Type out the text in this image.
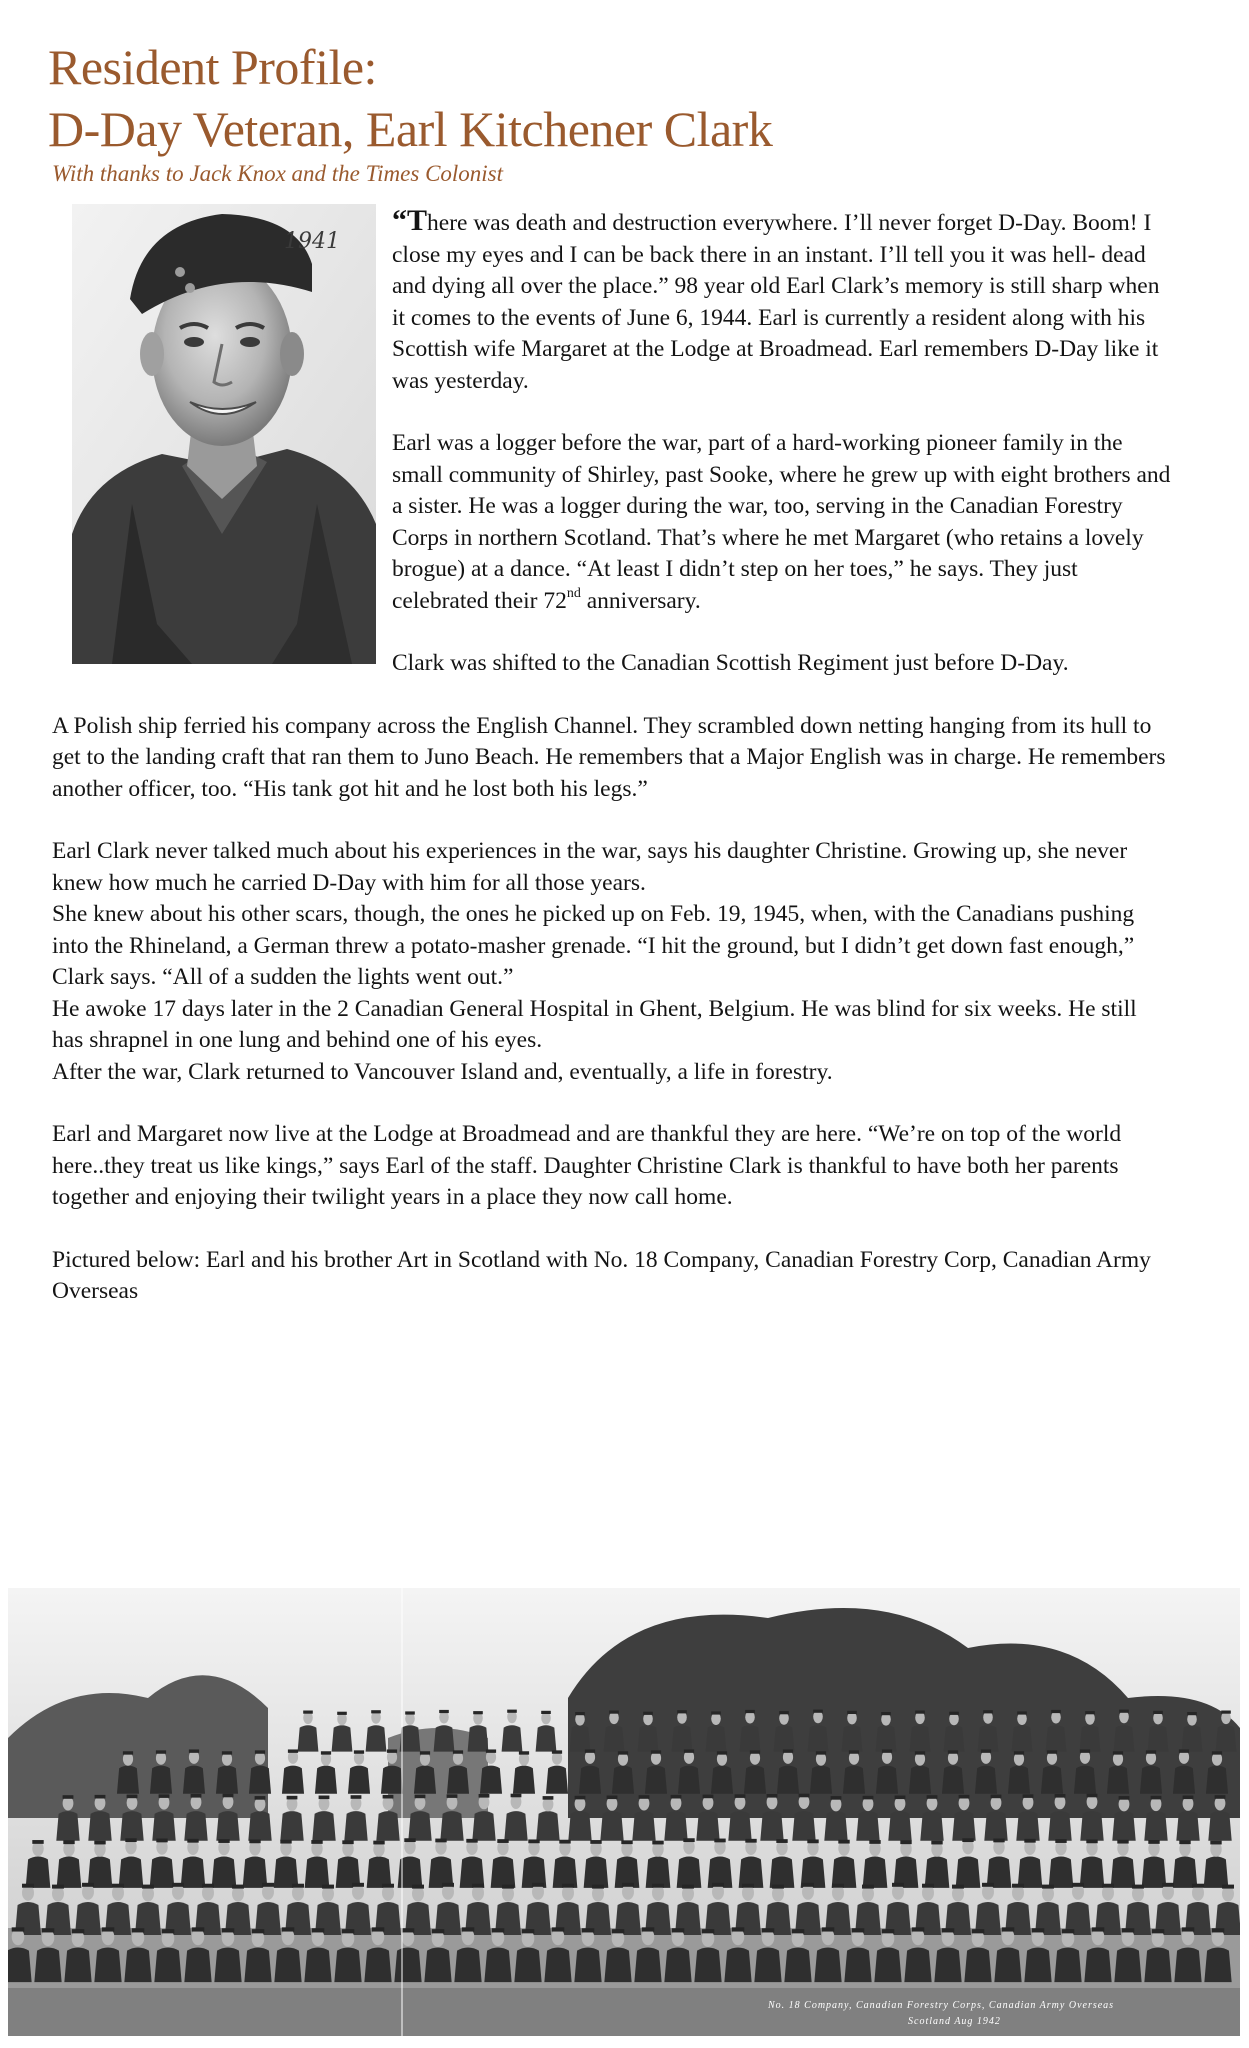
Resident Profile:
D-Day Veteran, Earl Kitchener Clark
With thanks to Jack Knox and the Times Colonist
1941

“There was death and destruction everywhere. I’ll never forget D-Day. Boom! I close my eyes and I can be back there in an instant. I’ll tell you it was hell- dead and dying all over the place.” 98 year old Earl Clark’s memory is still sharp when it comes to the events of June 6, 1944. Earl is currently a resident along with his Scottish wife Margaret at the Lodge at Broadmead. Earl remembers D-Day like it was yesterday.

Earl was a logger before the war, part of a hard-working pioneer family in the small community of Shirley, past Sooke, where he grew up with eight brothers and a sister. He was a logger during the war, too, serving in the Canadian Forestry Corps in northern Scotland. That’s where he met Margaret (who retains a lovely brogue) at a dance. “At least I didn’t step on her toes,” he says. They just celebrated their 72nd anniversary.

Clark was shifted to the Canadian Scottish Regiment just before D-Day.

A Polish ship ferried his company across the English Channel. They scrambled down netting hanging from its hull to get to the landing craft that ran them to Juno Beach. He remembers that a Major English was in charge. He remembers another officer, too. “His tank got hit and he lost both his legs.”

Earl Clark never talked much about his experiences in the war, says his daughter Christine. Growing up, she never knew how much he carried D-Day with him for all those years.

She knew about his other scars, though, the ones he picked up on Feb. 19, 1945, when, with the Canadians pushing into the Rhineland, a German threw a potato-masher grenade. “I hit the ground, but I didn’t get down fast enough,” Clark says. “All of a sudden the lights went out.”

He awoke 17 days later in the 2 Canadian General Hospital in Ghent, Belgium. He was blind for six weeks. He still has shrapnel in one lung and behind one of his eyes.

After the war, Clark returned to Vancouver Island and, eventually, a life in forestry.

Earl and Margaret now live at the Lodge at Broadmead and are thankful they are here. “We’re on top of the world here..they treat us like kings,” says Earl of the staff. Daughter Christine Clark is thankful to have both her parents together and enjoying their twilight years in a place they now call home.

Pictured below: Earl and his brother Art in Scotland with No. 18 Company, Canadian Forestry Corp, Canadian Army Overseas

No. 18 Company, Canadian Forestry Corps, Canadian Army Overseas
Scotland Aug 1942
